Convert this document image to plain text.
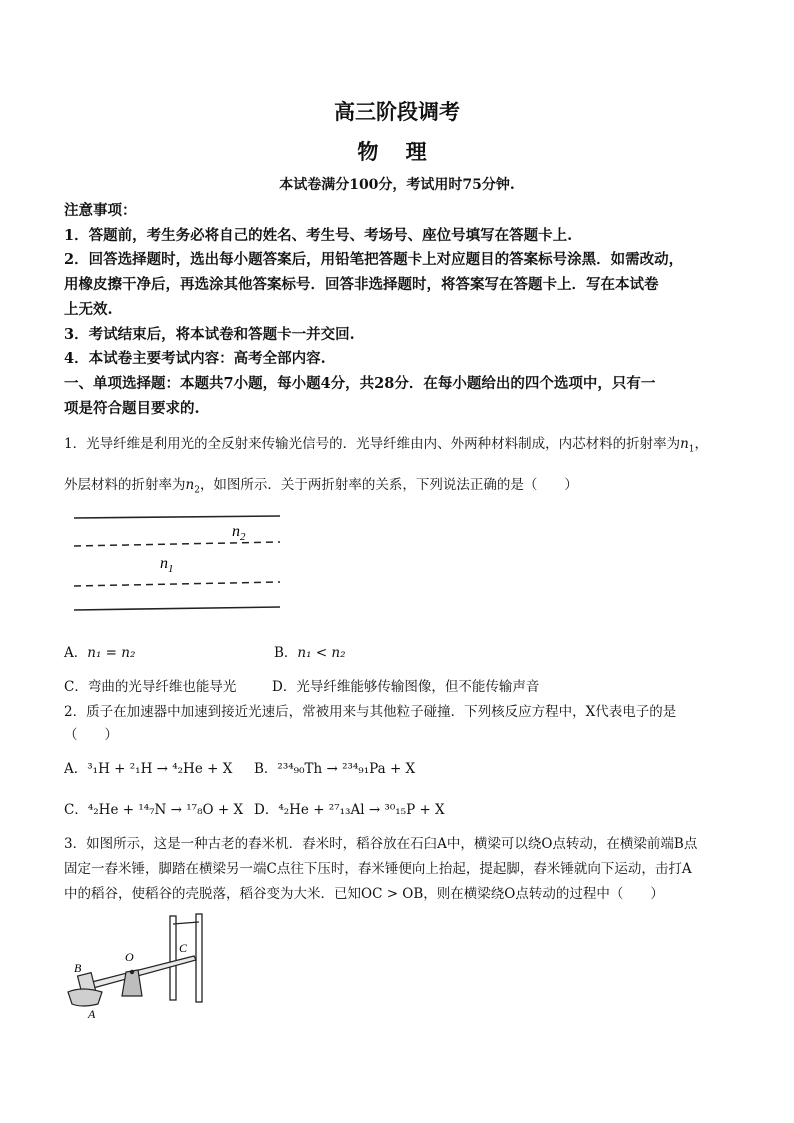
高三阶段调考
物 理
本试卷满分100分，考试用时75分钟.
注意事项：
1．答题前，考生务必将自己的姓名、考生号、考场号、座位号填写在答题卡上.
2．回答选择题时，选出每小题答案后，用铅笔把答题卡上对应题目的答案标号涂黑．如需改动，
用橡皮擦干净后，再选涂其他答案标号．回答非选择题时，将答案写在答题卡上．写在本试卷
上无效.
3．考试结束后，将本试卷和答题卡一并交回.
4．本试卷主要考试内容：高考全部内容.
一、单项选择题：本题共7小题，每小题4分，共28分．在每小题给出的四个选项中，只有一
项是符合题目要求的.
1．光导纤维是利用光的全反射来传输光信号的．光导纤维由内、外两种材料制成，内芯材料的折射率为$n_1$，
外层材料的折射率为$n_2$，如图所示．关于两折射率的关系，下列说法正确的是（　　）
$n_2$
$n_1$
A．n₁ = n₂	B．n₁ < n₂
C．弯曲的光导纤维也能导光	D．光导纤维能够传输图像，但不能传输声音
2．质子在加速器中加速到接近光速后，常被用来与其他粒子碰撞．下列核反应方程中，X代表电子的是
（　　）
A．³₁H + ²₁H → ⁴₂He + X B．²³⁴₉₀Th → ²³⁴₉₁Pa + X
C．⁴₂He + ¹⁴₇N → ¹⁷₈O + X D．⁴₂He + ²⁷₁₃Al → ³⁰₁₅P + X
3．如图所示，这是一种古老的舂米机．舂米时，稻谷放在石臼A中，横梁可以绕O点转动，在横梁前端B点
固定一舂米锤，脚踏在横梁另一端C点往下压时，舂米锤便向上抬起，提起脚，舂米锤就向下运动，击打A
中的稻谷，使稻谷的壳脱落，稻谷变为大米．已知OC > OB，则在横梁绕O点转动的过程中（　　）
B
O
C
A
